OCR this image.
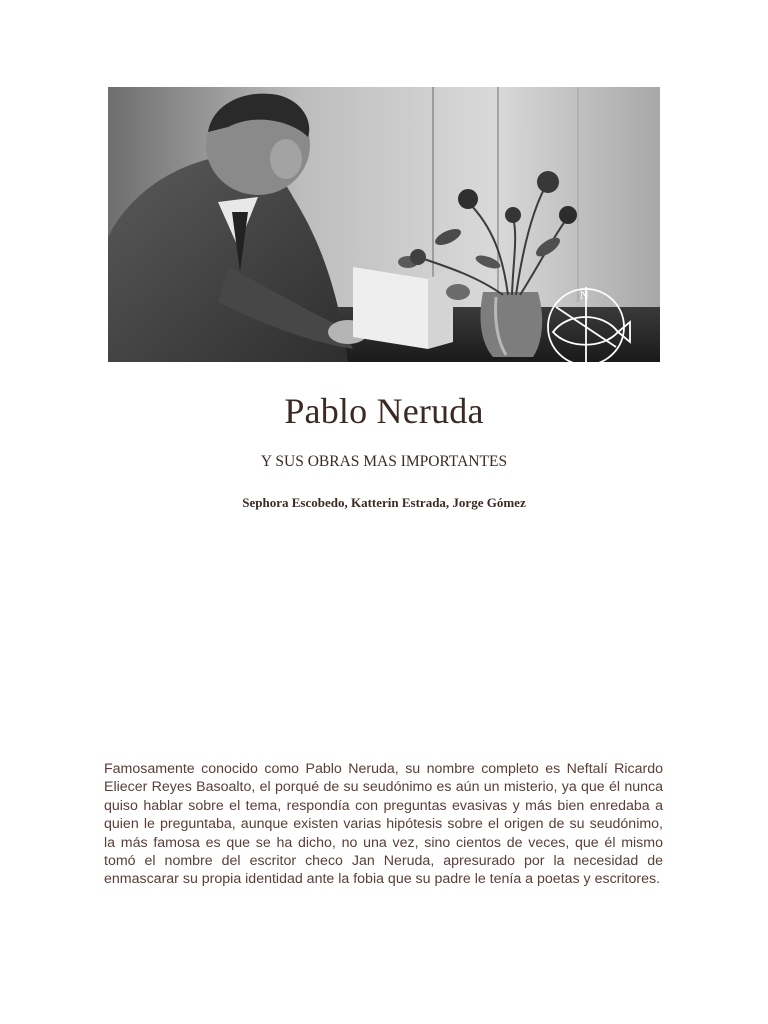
N
Pablo Neruda
Y SUS OBRAS MAS IMPORTANTES
Sephora Escobedo, Katterin Estrada, Jorge Gómez

Famosamente conocido como Pablo Neruda, su nombre completo es Neftalí Ricardo Eliecer Reyes Basoalto, el porqué de su seudónimo es aún un misterio, ya que él nunca quiso hablar sobre el tema, respondía con preguntas evasivas y más bien enredaba a quien le preguntaba, aunque existen varias hipótesis sobre el origen de su seudónimo, la más famosa es que se ha dicho, no una vez, sino cientos de veces, que él mismo tomó el nombre del escritor checo Jan Neruda, apresurado por la necesidad de enmascarar su propia identidad ante la fobia que su padre le tenía a poetas y escritores.
